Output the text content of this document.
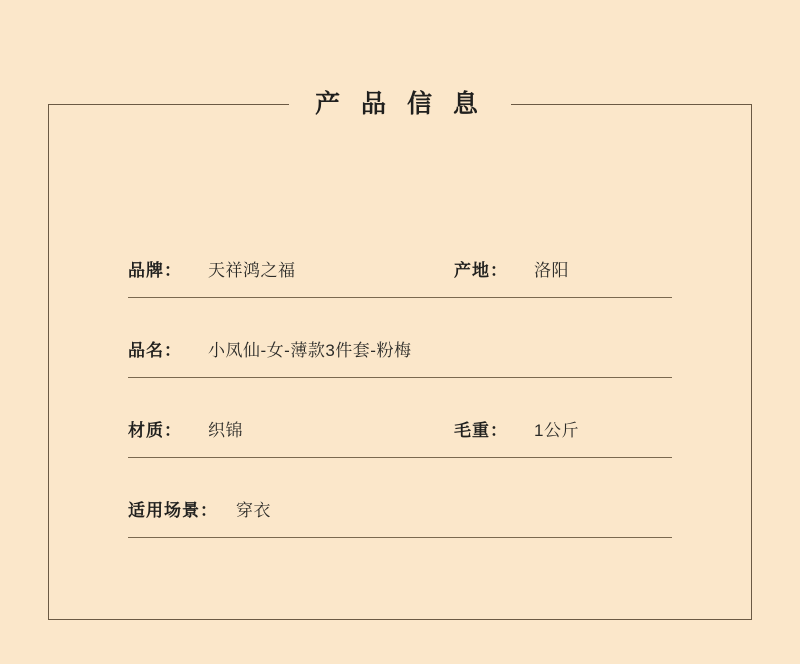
产 品 信 息
品牌： 天祥鸿之福	产地： 洛阳
品名： 小凤仙-女-薄款3件套-粉梅
材质： 织锦	毛重： 1公斤
适用场景： 穿衣
